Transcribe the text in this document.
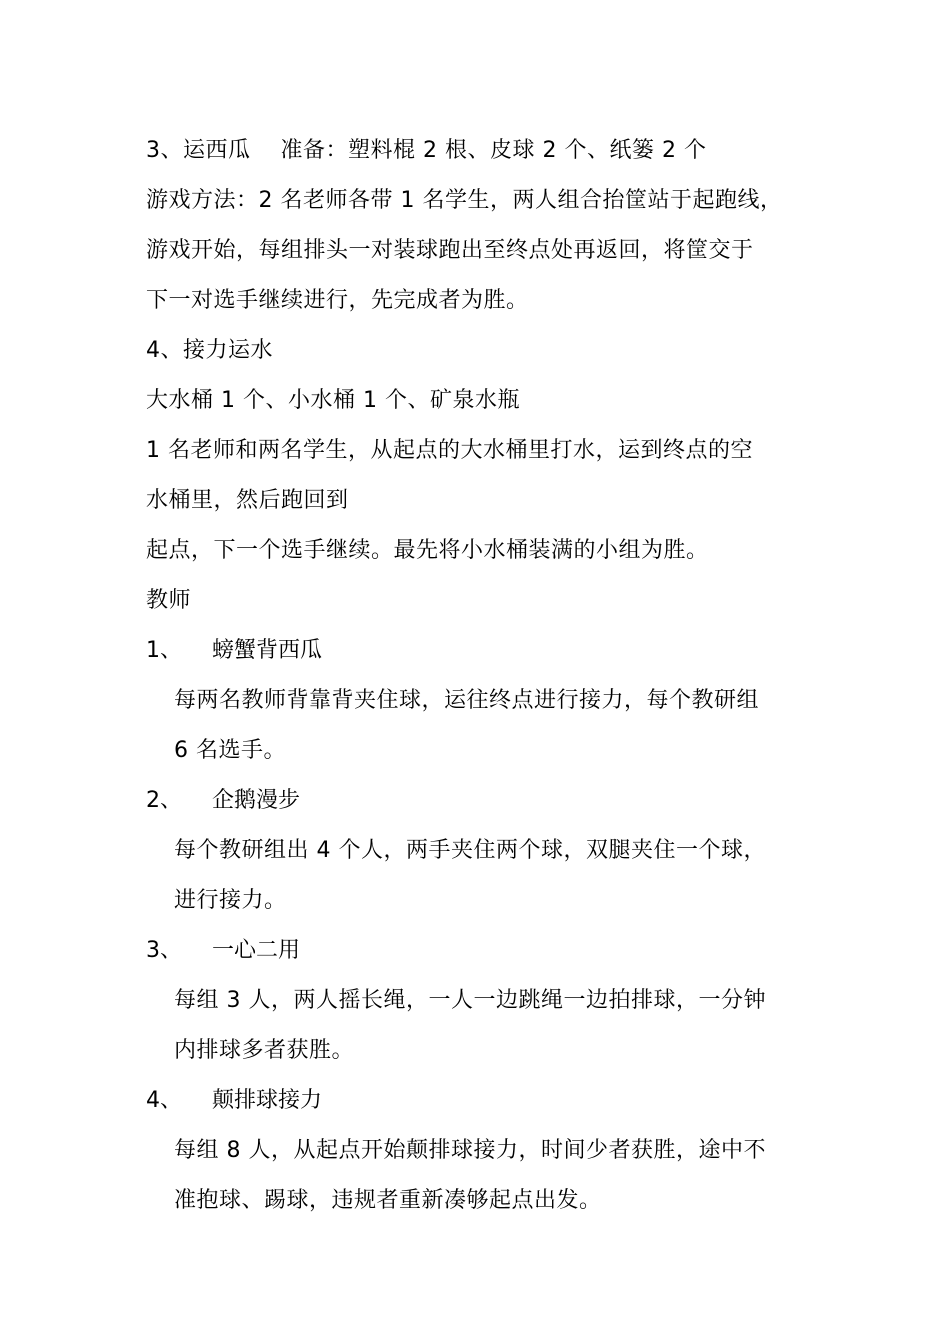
3、运西瓜　 准备：塑料棍 2 根、皮球 2 个、纸篓 2 个
游戏方法：2 名老师各带 1 名学生，两人组合抬筐站于起跑线，
游戏开始，每组排头一对装球跑出至终点处再返回，将筐交于
下一对选手继续进行，先完成者为胜。
4、接力运水
大水桶 1 个、小水桶 1 个、矿泉水瓶
1 名老师和两名学生，从起点的大水桶里打水，运到终点的空
水桶里，然后跑回到
起点，下一个选手继续。最先将小水桶装满的小组为胜。
教师
1、 螃蟹背西瓜
每两名教师背靠背夹住球，运往终点进行接力，每个教研组
6 名选手。
2、 企鹅漫步
每个教研组出 4 个人，两手夹住两个球，双腿夹住一个球，
进行接力。
3、 一心二用
每组 3 人，两人摇长绳，一人一边跳绳一边拍排球，一分钟
内排球多者获胜。
4、 颠排球接力
每组 8 人，从起点开始颠排球接力，时间少者获胜，途中不
准抱球、踢球，违规者重新凑够起点出发。
